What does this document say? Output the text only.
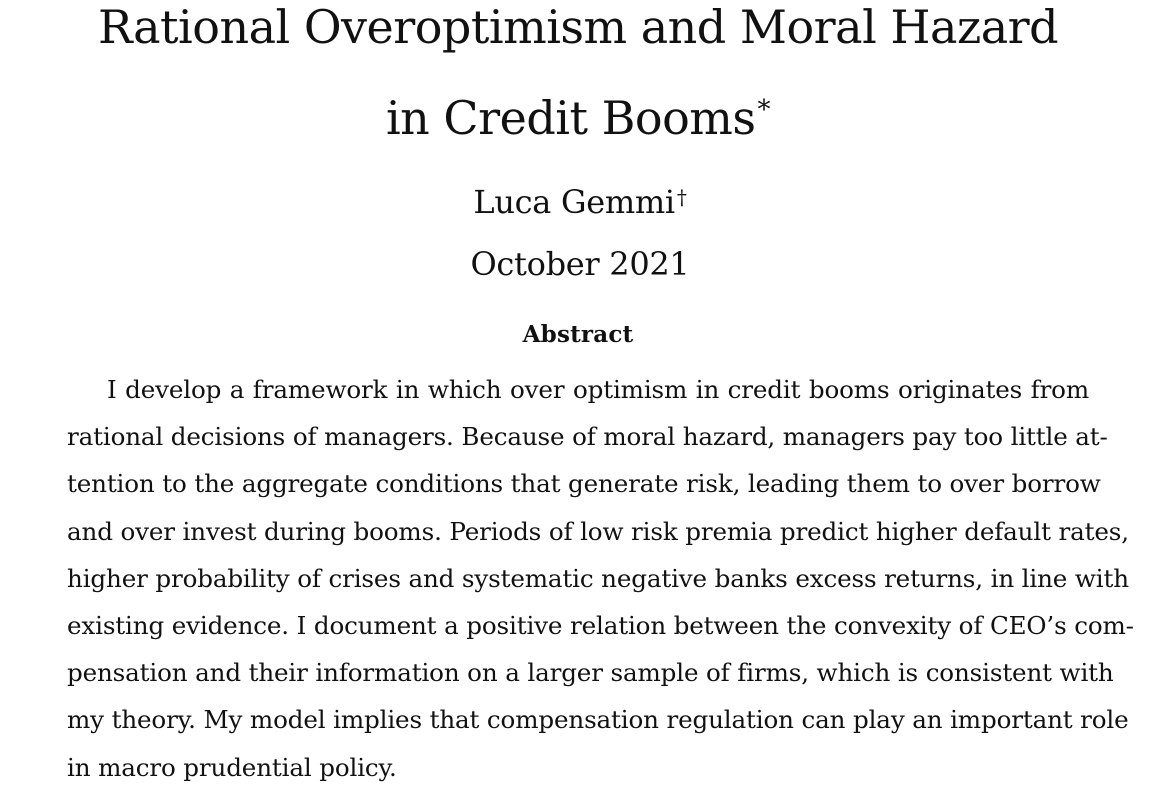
Rational Overoptimism and Moral Hazard
in Credit Booms*
Luca Gemmi †
October 2021
Abstract
I develop a framework in which over optimism in credit booms originates from
rational decisions of managers. Because of moral hazard, managers pay too little at-
tention to the aggregate conditions that generate risk, leading them to over borrow
and over invest during booms. Periods of low risk premia predict higher default rates,
higher probability of crises and systematic negative banks excess returns, in line with
existing evidence. I document a positive relation between the convexity of CEO’s com-
pensation and their information on a larger sample of firms, which is consistent with
my theory. My model implies that compensation regulation can play an important role
in macro prudential policy.
